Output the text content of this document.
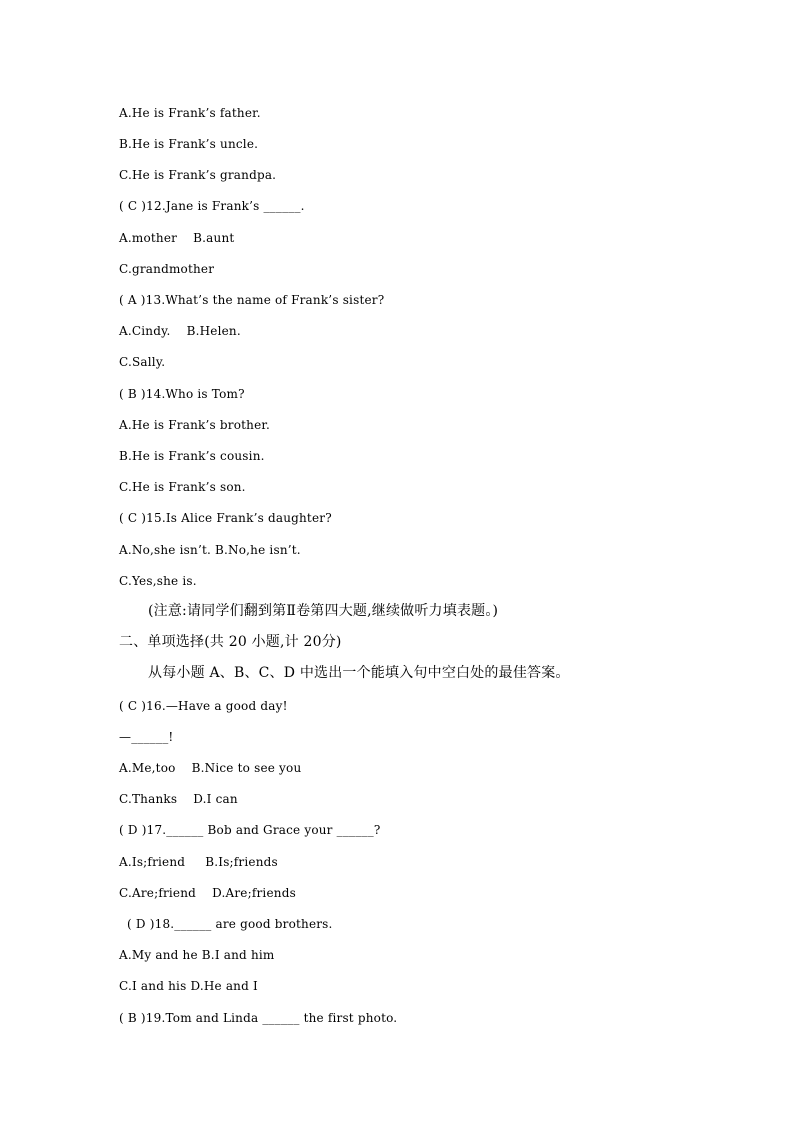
A.He is Frank’s father.
B.He is Frank’s uncle.
C.He is Frank’s grandpa.
( C )12.Jane is Frank’s ______.
A.mother    B.aunt
C.grandmother
( A )13.What’s the name of Frank’s sister?
A.Cindy.    B.Helen.
C.Sally.
( B )14.Who is Tom?
A.He is Frank’s brother.
B.He is Frank’s cousin.
C.He is Frank’s son.
( C )15.Is Alice Frank’s daughter?
A.No,she isn’t. B.No,he isn’t.
C.Yes,she is.
(注意:请同学们翻到第Ⅱ卷第四大题,继续做听力填表题。)
二、单项选择(共 20 小题,计 20分)
从每小题 A、B、C、D 中选出一个能填入句中空白处的最佳答案。
( C )16.—Have a good day!
—______!
A.Me,too    B.Nice to see you
C.Thanks    D.I can
( D )17.______ Bob and Grace your ______?
A.Is;friend     B.Is;friends
C.Are;friend    D.Are;friends
( D )18.______ are good brothers.
A.My and he B.I and him
C.I and his D.He and I
( B )19.Tom and Linda ______ the first photo.
